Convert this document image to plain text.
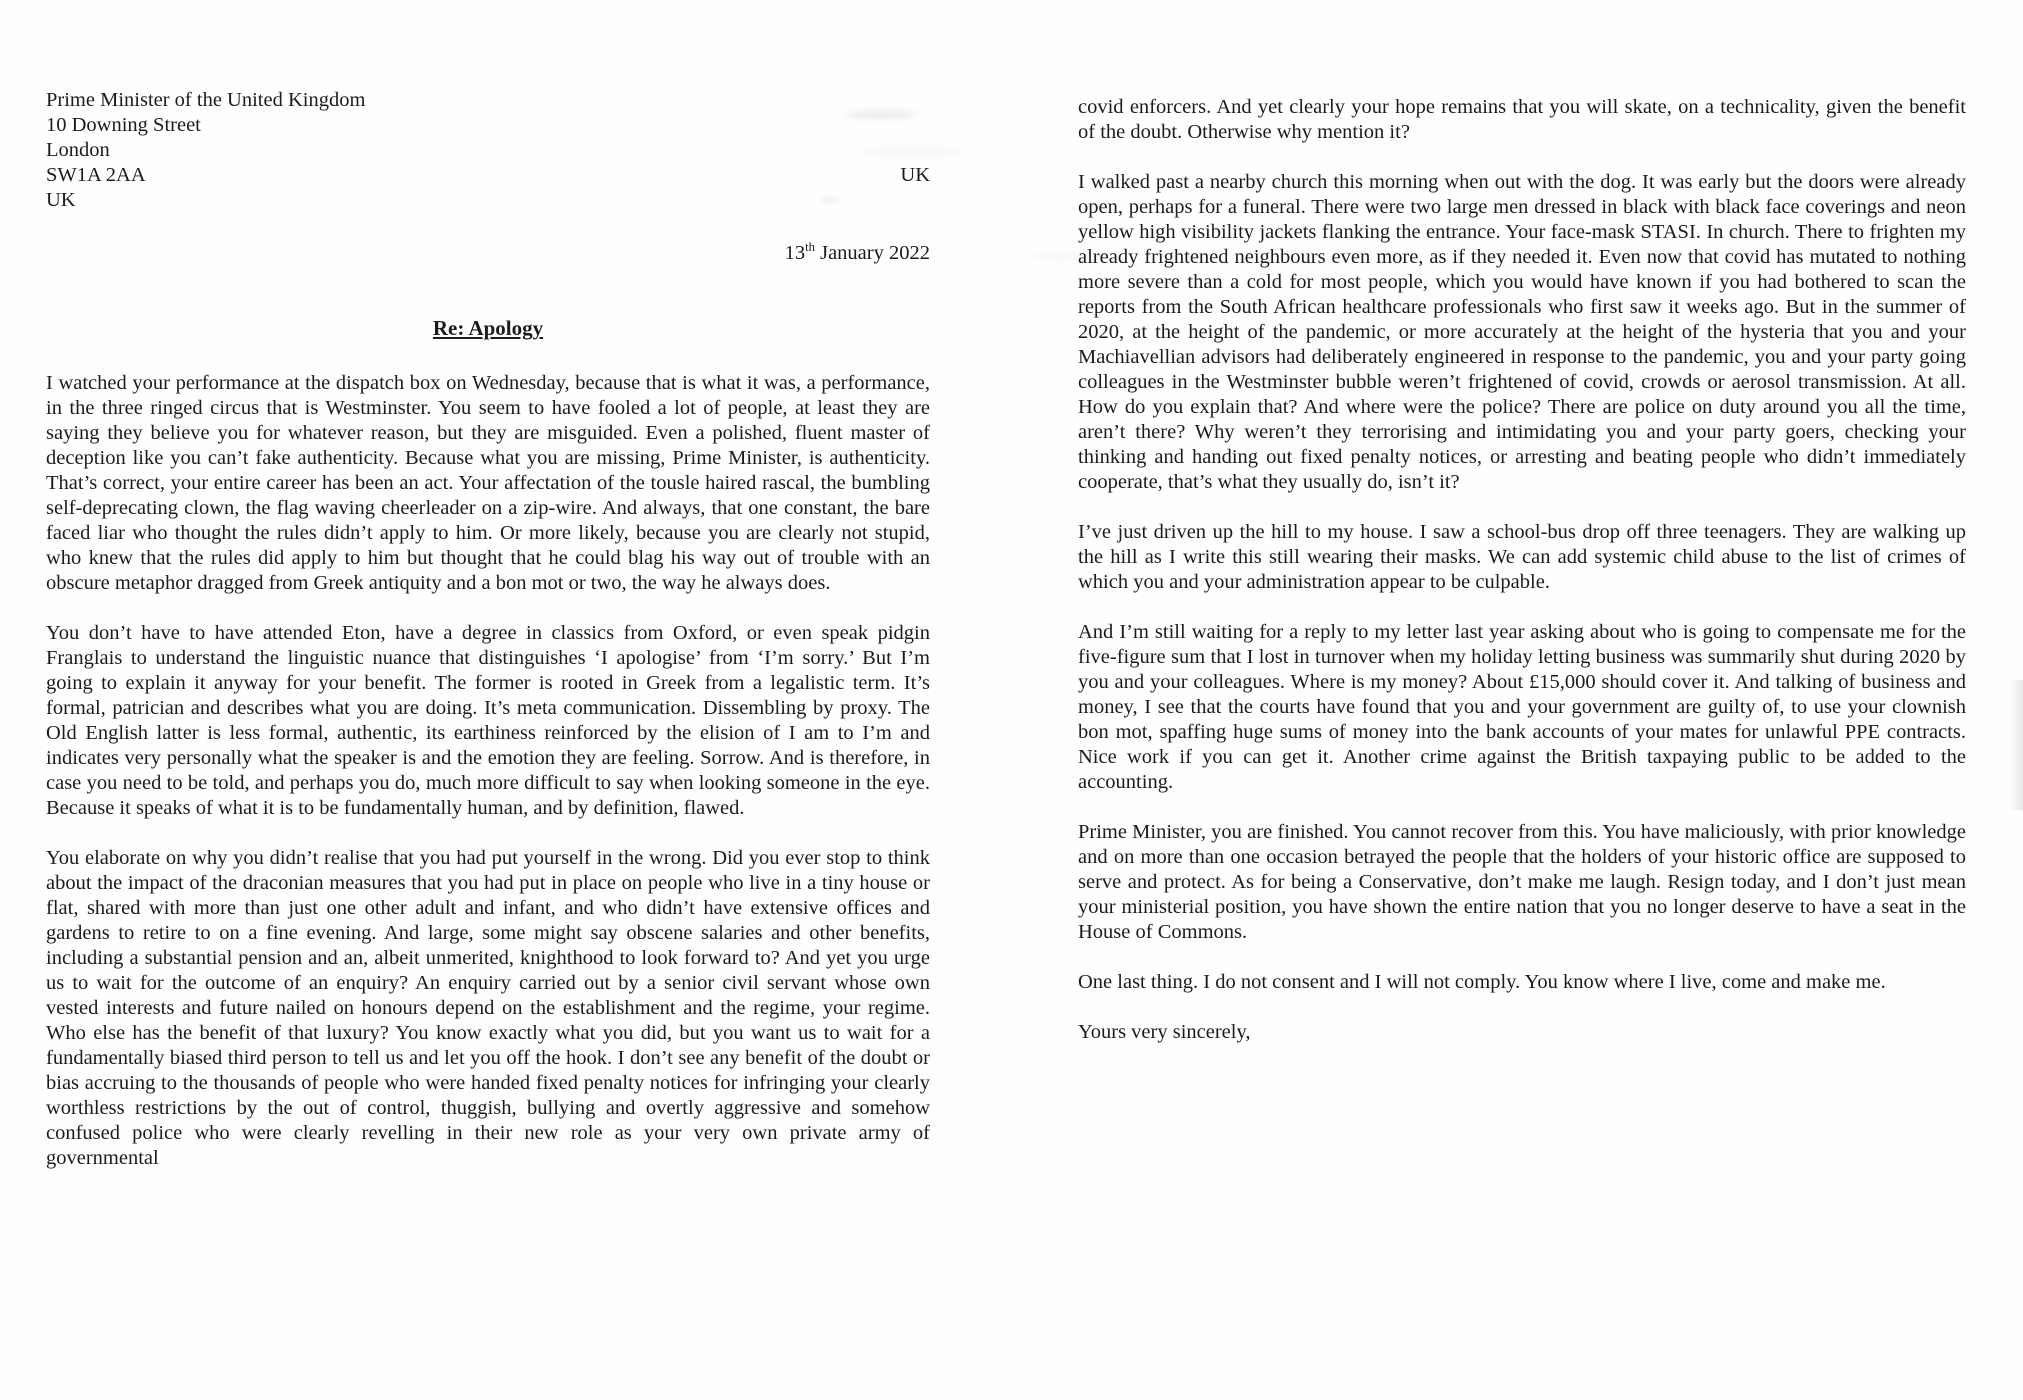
Prime Minister of the United Kingdom
10 Downing Street
London
SW1A 2AA
UK
UK
13th January 2022
Re: Apology

I watched your performance at the dispatch box on Wednesday, because that is what it was, a performance, in the three ringed circus that is Westminster. You seem to have fooled a lot of people, at least they are saying they believe you for whatever reason, but they are misguided. Even a polished, fluent master of deception like you can’t fake authenticity. Because what you are missing, Prime Minister, is authenticity. That’s correct, your entire career has been an act. Your affectation of the tousle haired rascal, the bumbling self-deprecating clown, the flag waving cheerleader on a zip-wire. And always, that one constant, the bare faced liar who thought the rules didn’t apply to him. Or more likely, because you are clearly not stupid, who knew that the rules did apply to him but thought that he could blag his way out of trouble with an obscure metaphor dragged from Greek antiquity and a bon mot or two, the way he always does.

You don’t have to have attended Eton, have a degree in classics from Oxford, or even speak pidgin Franglais to understand the linguistic nuance that distinguishes ‘I apologise’ from ‘I’m sorry.’ But I’m going to explain it anyway for your benefit. The former is rooted in Greek from a legalistic term. It’s formal, patrician and describes what you are doing. It’s meta communication. Dissembling by proxy. The Old English latter is less formal, authentic, its earthiness reinforced by the elision of I am to I’m and indicates very personally what the speaker is and the emotion they are feeling. Sorrow. And is therefore, in case you need to be told, and perhaps you do, much more difficult to say when looking someone in the eye. Because it speaks of what it is to be fundamentally human, and by definition, flawed.

You elaborate on why you didn’t realise that you had put yourself in the wrong. Did you ever stop to think about the impact of the draconian measures that you had put in place on people who live in a tiny house or flat, shared with more than just one other adult and infant, and who didn’t have extensive offices and gardens to retire to on a fine evening. And large, some might say obscene salaries and other benefits, including a substantial pension and an, albeit unmerited, knighthood to look forward to? And yet you urge us to wait for the outcome of an enquiry? An enquiry carried out by a senior civil servant whose own vested interests and future nailed on honours depend on the establishment and the regime, your regime. Who else has the benefit of that luxury? You know exactly what you did, but you want us to wait for a fundamentally biased third person to tell us and let you off the hook. I don’t see any benefit of the doubt or bias accruing to the thousands of people who were handed fixed penalty notices for infringing your clearly worthless restrictions by the out of control, thuggish, bullying and overtly aggressive and somehow confused police who were clearly revelling in their new role as your very own private army of governmental

covid enforcers. And yet clearly your hope remains that you will skate, on a technicality, given the benefit of the doubt. Otherwise why mention it?

I walked past a nearby church this morning when out with the dog. It was early but the doors were already open, perhaps for a funeral. There were two large men dressed in black with black face coverings and neon yellow high visibility jackets flanking the entrance. Your face-mask STASI. In church. There to frighten my already frightened neighbours even more, as if they needed it. Even now that covid has mutated to nothing more severe than a cold for most people, which you would have known if you had bothered to scan the reports from the South African healthcare professionals who first saw it weeks ago. But in the summer of 2020, at the height of the pandemic, or more accurately at the height of the hysteria that you and your Machiavellian advisors had deliberately engineered in response to the pandemic, you and your party going colleagues in the Westminster bubble weren’t frightened of covid, crowds or aerosol transmission. At all. How do you explain that? And where were the police? There are police on duty around you all the time, aren’t there? Why weren’t they terrorising and intimidating you and your party goers, checking your thinking and handing out fixed penalty notices, or arresting and beating people who didn’t immediately cooperate, that’s what they usually do, isn’t it?

I’ve just driven up the hill to my house. I saw a school-bus drop off three teenagers. They are walking up the hill as I write this still wearing their masks. We can add systemic child abuse to the list of crimes of which you and your administration appear to be culpable.

And I’m still waiting for a reply to my letter last year asking about who is going to compensate me for the five-figure sum that I lost in turnover when my holiday letting business was summarily shut during 2020 by you and your colleagues. Where is my money? About £15,000 should cover it. And talking of business and money, I see that the courts have found that you and your government are guilty of, to use your clownish bon mot, spaffing huge sums of money into the bank accounts of your mates for unlawful PPE contracts. Nice work if you can get it. Another crime against the British taxpaying public to be added to the accounting.

Prime Minister, you are finished. You cannot recover from this. You have maliciously, with prior knowledge and on more than one occasion betrayed the people that the holders of your historic office are supposed to serve and protect. As for being a Conservative, don’t make me laugh. Resign today, and I don’t just mean your ministerial position, you have shown the entire nation that you no longer deserve to have a seat in the House of Commons.

One last thing. I do not consent and I will not comply. You know where I live, come and make me.

Yours very sincerely,
